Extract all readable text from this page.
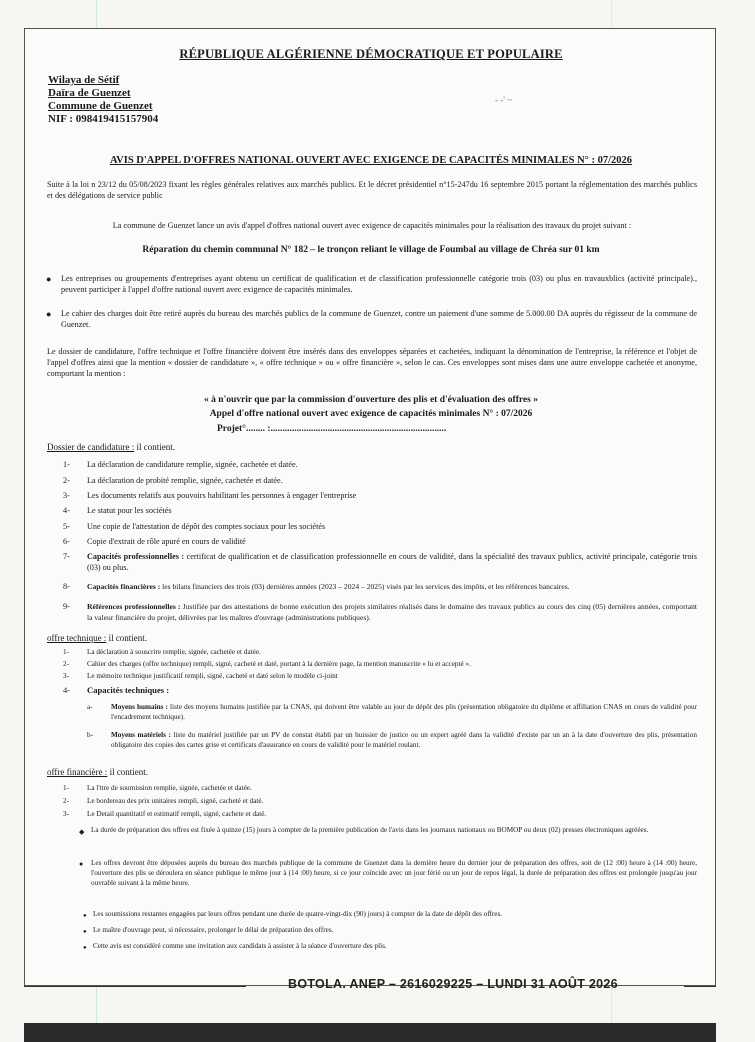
RÉPUBLIQUE ALGÉRIENNE DÉMOCRATIQUE ET POPULAIRE
Wilaya de Sétif
Daïra de Guenzet
Commune de Guenzet
NIF : 098419415157904
- -' ~
AVIS D'APPEL D'OFFRES NATIONAL OUVERT AVEC EXIGENCE DE CAPACITÉS MINIMALES N° : 07/2026
Suite à la loi n 23/12 du 05/08/2023 fixant les règles générales relatives aux marchés publics. Et le décret présidentiel n°15-247du 16 septembre 2015 portant la réglementation des marchés publics et des délégations de service public
La commune de Guenzet lance un avis d'appel d'offres national ouvert avec exigence de capacités minimales pour la réalisation des travaux du projet suivant :
Réparation du chemin communal N° 182 – le tronçon reliant le village de Foumbal au village de Chréa sur 01 km
● Les entreprises ou groupements d'entreprises ayant obtenu un certificat de qualification et de classification professionnelle catégorie trois (03) ou plus en travauxblics (activité principale)., peuvent participer à l'appel d'offre national ouvert avec exigence de capacités minimales.
● Le cahier des charges doit être retiré auprès du bureau des marchés publics de la commune de Guenzet, contre un paiement d'une somme de 5.000.00 DA auprès du régisseur de la commune de Guenzet.
Le dossier de candidature, l'offre technique et l'offre financière doivent être insérés dans des enveloppes séparées et cachetées, indiquant la dénomination de l'entreprise, la référence et l'objet de l'appel d'offres ainsi que la mention « dossier de candidature », « offre technique » ou « offre financière », selon le cas. Ces enveloppes sont mises dans une autre enveloppe cachetée et anonyme, comportant la mention :
« à n'ouvrir que par la commission d'ouverture des plis et d'évaluation des offres »
Appel d'offre national ouvert avec exigence de capacités minimales N° : 07/2026
Projet°........ :..........................................................................
Dossier de candidature : il contient.
1-	La déclaration de candidature remplie, signée, cachetée et datée.
2-	La déclaration de probité remplie, signée, cachetée et datée.
3-	Les documents relatifs aux pouvoirs habilitant les personnes à engager l'entreprise
4-	Le statut pour les sociétés
5-	Une copie de l'attestation de dépôt des comptes sociaux pour les sociétés
6-	Copie d'extrait de rôle apuré en cours de validité
7-	Capacités professionnelles : certificat de qualification et de classification professionnelle en cours de validité, dans la spécialité des travaux publics, activité principale, catégorie trois (03) ou plus.
8-	Capacités financières : les bilans financiers des trois (03) dernières années (2023 – 2024 – 2025) visés par les services des impôts, et les références bancaires.
9-	Références professionnelles : Justifiée par des attestations de bonne exécution des projets similaires réalisés dans le domaine des travaux publics au cours des cinq (05) dernières années, comportant la valeur financière du projet, délivrées par les maîtres d'ouvrage (administrations publiques).
offre technique : il contient.
1-	La déclaration à souscrire remplie, signée, cachetée et datée.
2-	Cahier des charges (offre technique) rempli, signé, cacheté et daté, portant à la dernière page, la mention manuscrite « lu et accepté ».
3-	Le mémoire technique justificatif rempli, signé, cacheté et daté selon le modèle ci-joint
4-	Capacités techniques :
a-	Moyens humains : liste des moyens humains justifiée par la CNAS, qui doivent être valable au jour de dépôt des plis (présentation obligatoire du diplôme et affiliation CNAS en cours de validité pour l'encadrement technique).
b-	Moyens matériels : liste du matériel justifiée par un PV de constat établi par un huissier de justice ou un expert agréé dans la validité d'existe par un an à la date d'ouverture des plis, présentation obligatoire des copies des cartes grise et certificats d'assurance en cours de validité pour le matériel roulant.
offre financière : il contient.
1-	La l'ttre de soumission remplie, signée, cachetée et datée.
2-	Le bordereau des prix unitaires rempli, signé, cacheté et daté.
3-	Le Detail quantitatif et estimatif rempli, signé, cachete et daté.
◆ La durée de préparation des offres est fixée à quinze (15) jours à compter de la première publication de l'avis dans les journaux nationaux ou BOMOP ou deux (02) presses électroniques agréées.
● Les offres devront être déposées auprès du bureau des marchés publique de la commune de Guenzet dans la dernière heure du dernier jour de préparation des offres, soit de (12 :00) heure à (14 :00) heure, l'ouverture des plis se déroulera en séance publique le même jour à (14 :00) heure, si ce jour coïncide avec un jour férié ou un jour de repos légal, la durée de préparation des offres est prolongée jusqu'au jour ouvrable suivant à la même heure.
● Les soumissions restantes engagées par leurs offres pendant une durée de quatre-vingt-dix (90) jours) à compter de la date de dépôt des offres.
● Le maître d'ouvrage peut, si nécessaire, prolonger le délai de préparation des offres.
● Cette avis est considéré comme une invitation aux candidats à assister à la séance d'ouverture des plis.
BOTOLA. ANEP – 2616029225 – LUNDI 31 AOÛT 2026
